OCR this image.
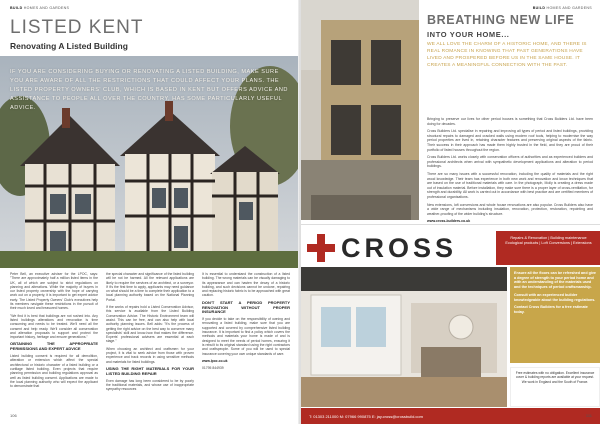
BUILD HOMES AND GARDENS
LISTED KENT
Renovating A Listed Building

IF YOU ARE CONSIDERING BUYING OR RENOVATING A LISTED BUILDING, MAKE SURE YOU ARE AWARE OF ALL THE RESTRICTIONS THAT COULD AFFECT YOUR PLANS. THE LISTED PROPERTY OWNERS' CLUB, WHICH IS BASED IN KENT BUT OFFERS ADVICE AND ASSISTANCE TO PEOPLE ALL OVER THE COUNTRY, HAS SOME PARTICULARLY USEFUL ADVICE.

Peter Bell, an executive adviser for the LPOC, says: "There are approximately half a million listed items in the UK, all of which are subject to strict regulations on planning and alterations. While the majority of buyers in our listed property ownership with the hope of carrying work out on a property, it is important to get expert advice early. The Listed Property Owners' Club's executives help its members navigate these restrictions in the pursuit of their much loved and treasured homes.

"We find it is best that buildings are not rushed into. Any listed buildings alterations and renovation is time consuming and needs to be treated. We'll need all the consent and help ready. We'll consider all conservation and alteration proposals to support and protect the important history, heritage and ensure generations."

OBTAINING THE APPROPRIATE PERMISSIONS AND EXPERT ADVICE

Listed building consent is required for all demolition, alteration or extension which affect the special architectural or historic character of a listed building or a curtilage listed building. Even projects that require planning permission and building regulations approval as well as listed building consent. Applications are made to the local planning authority who will expect the applicant to demonstrate that

the special character and significance of the listed building will be not be harmed. All the relevant applications are likely to require the services of an architect, or a surveyor. If it's the first time to apply, applicants may need guidance on what should be a time to complete their application to a local planning authority based on the National Planning Portal.

If the works of repairs hold a Listed Conservation Advisor, this service is available from the Listed Building Conservation Advice. The Historic Environment team will assist. This can be free, and can also help with local authority planning issues. Bell adds: "It's the process of getting the right advice on the best way to conserve many specialists' skill and know-how that makes the difference. Experts' professional advisers are essential at each stage."

When choosing an architect and craftsmen for your project, it is vital to seek advice from those with proven experience and track records in using sensitive methods and materials for listed buildings.

USING THE RIGHT MATERIALS FOR YOUR LISTED BUILDING REPAIR

Even damage has long been considered to be by poorly the traditional materials, and whose use of inappropriate sympathy resources

It is essential to understand the construction of a listed building. The wrong materials can be visually damaging to its appearance and can hasten the decay of a historic building, and such decisions cannot be undone, repairing and replacing historic fabric is to be approached with great caution.

DON'T START A PERIOD PROPERTY RENOVATION WITHOUT PROPER INSURANCE

If you decide to take on the responsibility of owning and renovating a listed building, make sure that you are supported and covered by comprehensive listed building insurance. It is important to find a policy which covers the methods and materials your home is made of and is designed to meet the needs of period homes, ensuring it is rebuilt to its original standard using the right contractors and craftspeople. Some of you will be used to special insurance covering your own unique standards of care.

www.lpoc.co.uk

01795 844939

106
BUILD HOMES AND GARDENS
BREATHING NEW LIFE
INTO YOUR HOME...

WE ALL LOVE THE CHARM OF A HISTORIC HOME, AND THERE IS REAL ROMANCE IN KNOWING THAT PAST GENERATIONS HAVE LIVED AND PROSPERED BEFORE US IN THE SAME HOUSE. IT CREATES A MEANINGFUL CONNECTION WITH THE PAST.

Bringing to preserve our lives for other period houses is something that Cross Builders Ltd. have been doing for decades.

Cross Builders Ltd. specialise in repairing and improving all types of period and listed buildings, providing structural repairs to damaged and cracked walls using modern roof tools, helping to modernise the way period properties are lived in, retaining character features and preserving original aspects of the fabric. Their success in their approach has made them highly trusted in the field, and they are proud of their portfolio of listed houses throughout the region.

Cross Builders Ltd. works closely with conservation officers of authorities and as experienced builders and professional architects when arrival with sympathetic development applications and alteration to period buildings.

There are so many issues with a successful renovation, including the quality of materials and the right wood knowledge. Their team has experience in both new work and renovation and know techniques that are based on the use of traditional materials with care. In the photograph, Molly is creating a dress made out of insulation material. Before installation, they make sure there is a proper layer of cross-ventilation, for strength and durability. All work is carried out in accordance with best practice and are certified members of professional organisations.

New extensions, loft conversions and whole house renovations are also popular. Cross Builders also have a wide range of mechanisms including insulation, renovation, protection, restoration, repointing and weather-proofing of the wider building's structure.

www.cross-builders.co.uk

CROSS	Repairs & Renovation | Building maintenance Ecological products | Loft Conversions | Extensions

Ensure all the floors can be refreshed and give a degree of strength to your period home and with an understanding of the materials used and the techniques of period craftsmanship.

Consult with an experienced builder knowledgeable about the building regulations.

Contact Cross Builders for a free estimate today.

Free estimates with no obligation. Excellent insurance cover & building reports are available at your request. We work in England and the South of France.
T: 01303 211000 M: 07966 990875 E: jay.cross@crossbuild.com	111
